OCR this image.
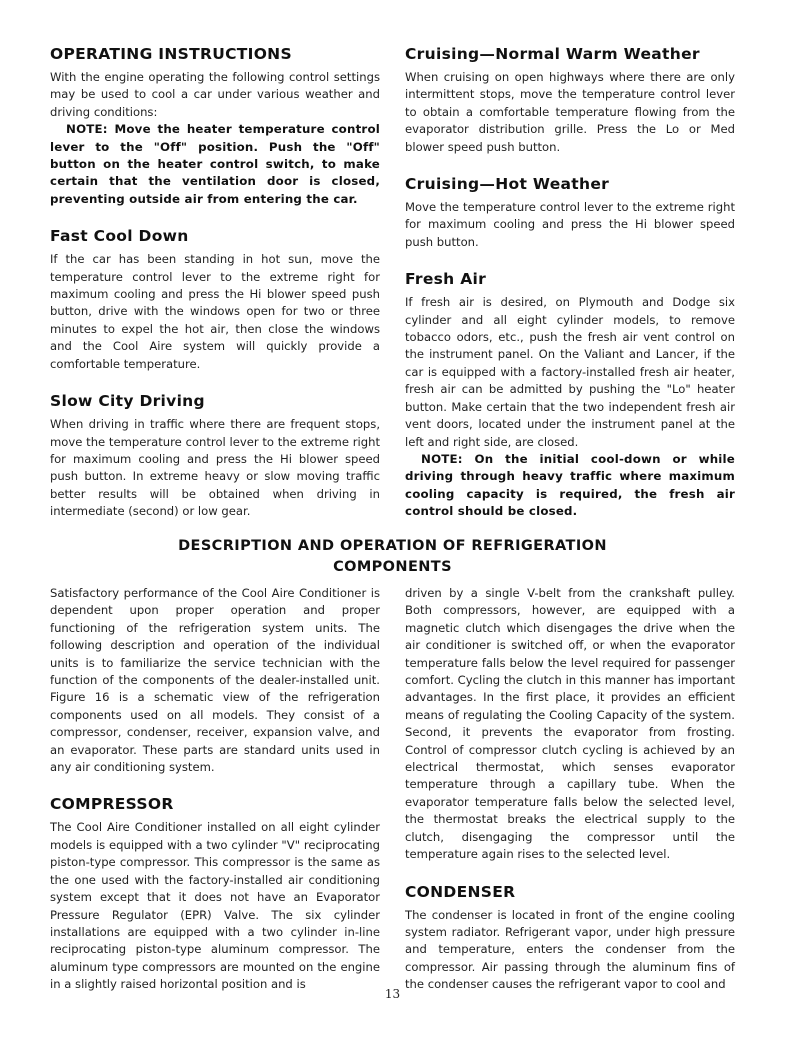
OPERATING INSTRUCTIONS

With the engine operating the following control settings may be used to cool a car under various weather and driving conditions:

NOTE: Move the heater temperature control lever to the "Off" position. Push the "Off" button on the heater control switch, to make certain that the ventilation door is closed, preventing outside air from entering the car.

Fast Cool Down

If the car has been standing in hot sun, move the temperature control lever to the extreme right for maximum cooling and press the Hi blower speed push button, drive with the windows open for two or three minutes to expel the hot air, then close the windows and the Cool Aire system will quickly provide a comfortable temperature.

Slow City Driving

When driving in traffic where there are frequent stops, move the temperature control lever to the extreme right for maximum cooling and press the Hi blower speed push button. In extreme heavy or slow moving traffic better results will be obtained when driving in intermediate (second) or low gear.

Cruising—Normal Warm Weather

When cruising on open highways where there are only intermittent stops, move the temperature control lever to obtain a comfortable temperature flowing from the evaporator distribution grille. Press the Lo or Med blower speed push button.

Cruising—Hot Weather

Move the temperature control lever to the extreme right for maximum cooling and press the Hi blower speed push button.

Fresh Air

If fresh air is desired, on Plymouth and Dodge six cylinder and all eight cylinder models, to remove tobacco odors, etc., push the fresh air vent control on the instrument panel. On the Valiant and Lancer, if the car is equipped with a factory-installed fresh air heater, fresh air can be admitted by pushing the "Lo" heater button. Make certain that the two independent fresh air vent doors, located under the instrument panel at the left and right side, are closed.

NOTE: On the initial cool-down or while driving through heavy traffic where maximum cooling capacity is required, the fresh air control should be closed.

DESCRIPTION AND OPERATION OF REFRIGERATION
COMPONENTS

Satisfactory performance of the Cool Aire Conditioner is dependent upon proper operation and proper functioning of the refrigeration system units. The following description and operation of the individual units is to familiarize the service technician with the function of the components of the dealer-installed unit. Figure 16 is a schematic view of the refrigeration components used on all models. They consist of a compressor, condenser, receiver, expansion valve, and an evaporator. These parts are standard units used in any air conditioning system.

COMPRESSOR

The Cool Aire Conditioner installed on all eight cylinder models is equipped with a two cylinder "V" reciprocating piston-type compressor. This compressor is the same as the one used with the factory-installed air conditioning system except that it does not have an Evaporator Pressure Regulator (EPR) Valve. The six cylinder installations are equipped with a two cylinder in-line reciprocating piston-type aluminum compressor. The aluminum type compressors are mounted on the engine in a slightly raised horizontal position and is

driven by a single V-belt from the crankshaft pulley. Both compressors, however, are equipped with a magnetic clutch which disengages the drive when the air conditioner is switched off, or when the evaporator temperature falls below the level required for passenger comfort. Cycling the clutch in this manner has important advantages. In the first place, it provides an efficient means of regulating the Cooling Capacity of the system. Second, it prevents the evaporator from frosting. Control of compressor clutch cycling is achieved by an electrical thermostat, which senses evaporator temperature through a capillary tube. When the evaporator temperature falls below the selected level, the thermostat breaks the electrical supply to the clutch, disengaging the compressor until the temperature again rises to the selected level.

CONDENSER

The condenser is located in front of the engine cooling system radiator. Refrigerant vapor, under high pressure and temperature, enters the condenser from the compressor. Air passing through the aluminum fins of the condenser causes the refrigerant vapor to cool and

13
